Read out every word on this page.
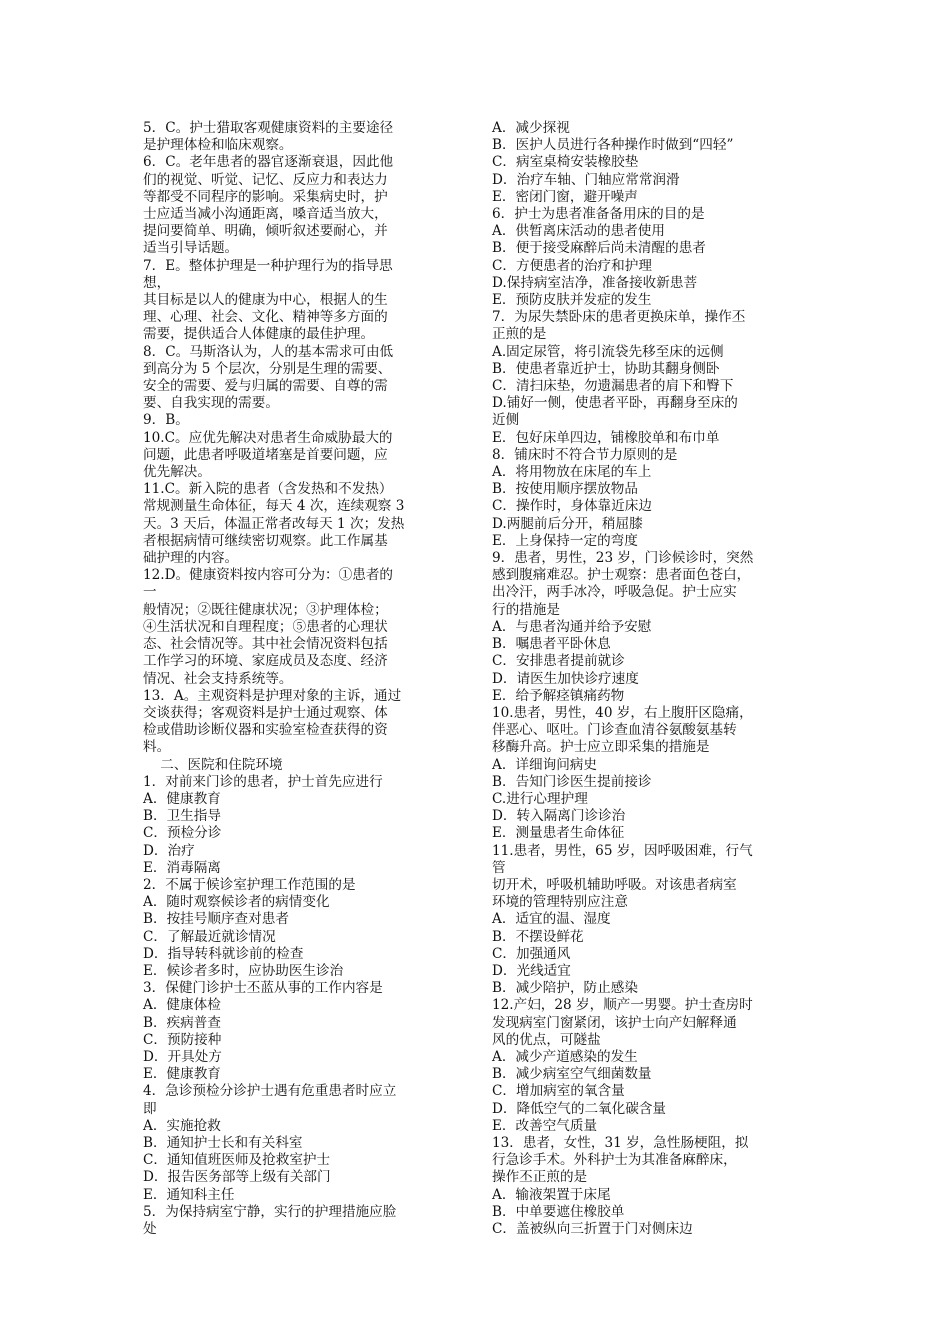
5．C。护士猎取客观健康资料的主要途径
是护理体检和临床观察。
6．C。老年患者的器官逐渐衰退，因此他
们的视觉、听觉、记忆、反应力和表达力
等都受不同程序的影响。采集病史时，护
士应适当减小沟通距离，嗓音适当放大，
提问要简单、明确，倾听叙述要耐心，并
适当引导话题。
7．E。整体护理是一种护理行为的指导思
想，
其目标是以人的健康为中心，根据人的生
理、心理、社会、文化、精神等多方面的
需要，提供适合人体健康的最佳护理。
8．C。马斯洛认为，人的基本需求可由低
到高分为 5 个层次，分别是生理的需要、
安全的需要、爱与归属的需要、自尊的需
要、自我实现的需要。
9．B。
10.C。应优先解决对患者生命威胁最大的
问题，此患者呼吸道堵塞是首要问题，应
优先解决。
11.C。新入院的患者（含发热和不发热）
常规测量生命体征，每天 4 次，连续观察 3
天。3 天后，体温正常者改每天 1 次；发热
者根据病情可继续密切观察。此工作属基
础护理的内容。
12.D。健康资料按内容可分为：①患者的
一
般情况；②既往健康状况；③护理体检；
④生活状况和自理程度；⑤患者的心理状
态、社会情况等。其中社会情况资料包括
工作学习的环境、家庭成员及态度、经济
情况、社会支持系统等。
13．A。主观资料是护理对象的主诉，通过
交谈获得；客观资料是护士通过观察、体
检或借助诊断仪器和实验室检查获得的资
料。
二、医院和住院环境
1．对前来门诊的患者，护士首先应进行
A．健康教育
B．卫生指导
C．预检分诊
D．治疗
E．消毒隔离
2．不属于候诊室护理工作范围的是
A．随时观察候诊者的病情变化
B．按挂号顺序查对患者
C．了解最近就诊情况
D．指导转科就诊前的检查
E．候诊者多时，应协助医生诊治
3．保健门诊护士丕蓝从事的工作内容是
A．健康体检
B．疾病普查
C．预防接种
D．开具处方
E．健康教育
4．急诊预检分诊护士遇有危重患者时应立
即
A．实施抢救
B．通知护士长和有关科室
C．通知值班医师及抢救室护士
D．报告医务部等上级有关部门
E．通知科主任
5．为保持病室宁静，实行的护理措施应脸
处
A．减少探视
B．医护人员进行各种操作时做到“四轻”
C．病室桌椅安装橡胶垫
D．治疗车轴、门轴应常常润滑
E．密闭门窗，避开噪声
6．护士为患者准备备用床的目的是
A．供暂离床活动的患者使用
B．便于接受麻醉后尚未清醒的患者
C．方便患者的治疗和护理
D.保持病室洁净，准备接收新患菩
E．预防皮肤并发症的发生
7．为尿失禁卧床的患者更换床单，操作丕
正煎的是
A.固定尿管，将引流袋先移至床的远侧
B．使患者靠近护士，协助其翻身侧卧
C．清扫床垫，勿遗漏患者的肩下和臀下
D.铺好一侧，使患者平卧，再翻身至床的
近侧
E．包好床单四边，铺橡胶单和布巾单
8．铺床时不符合节力原则的是
A．将用物放在床尾的车上
B．按使用顺序摆放物品
C．操作时，身体靠近床边
D.两腿前后分开，稍屈膝
E．上身保持一定的弯度
9．患者，男性，23 岁，门诊候诊时，突然
感到腹痛难忍。护士观察：患者面色苍白，
出冷汗，两手冰冷，呼吸急促。护士应实
行的措施是
A．与患者沟通并给予安慰
B．嘱患者平卧休息
C．安排患者提前就诊
D．请医生加快诊疗速度
E．给予解痉镇痛药物
10.患者，男性，40 岁，右上腹肝区隐痛，
伴恶心、呕吐。门诊查血清谷氨酸氨基转
移酶升高。护士应立即采集的措施是
A．详细询问病史
B．告知门诊医生提前接诊
C.进行心理护理
D．转入隔离门诊诊治
E．测量患者生命体征
11.患者，男性，65 岁，因呼吸困难，行气
管
切开术，呼吸机辅助呼吸。对该患者病室
环境的管理特别应注意
A．适宜的温、湿度
B．不摆设鲜花
C．加强通风
D．光线适宜
B．减少陪护，防止感染
12.产妇，28 岁，顺产一男婴。护士查房时
发现病室门窗紧闭，该护士向产妇解释通
风的优点，可隧盐
A．减少产道感染的发生
B．减少病室空气细菌数量
C．增加病室的氧含量
D．降低空气的二氧化碳含量
E．改善空气质量
13．患者，女性，31 岁，急性肠梗阻，拟
行急诊手术。外科护士为其准备麻醉床，
操作丕正煎的是
A．输液架置于床尾
B．中单要遮住橡胶单
C．盖被纵向三折置于门对侧床边
